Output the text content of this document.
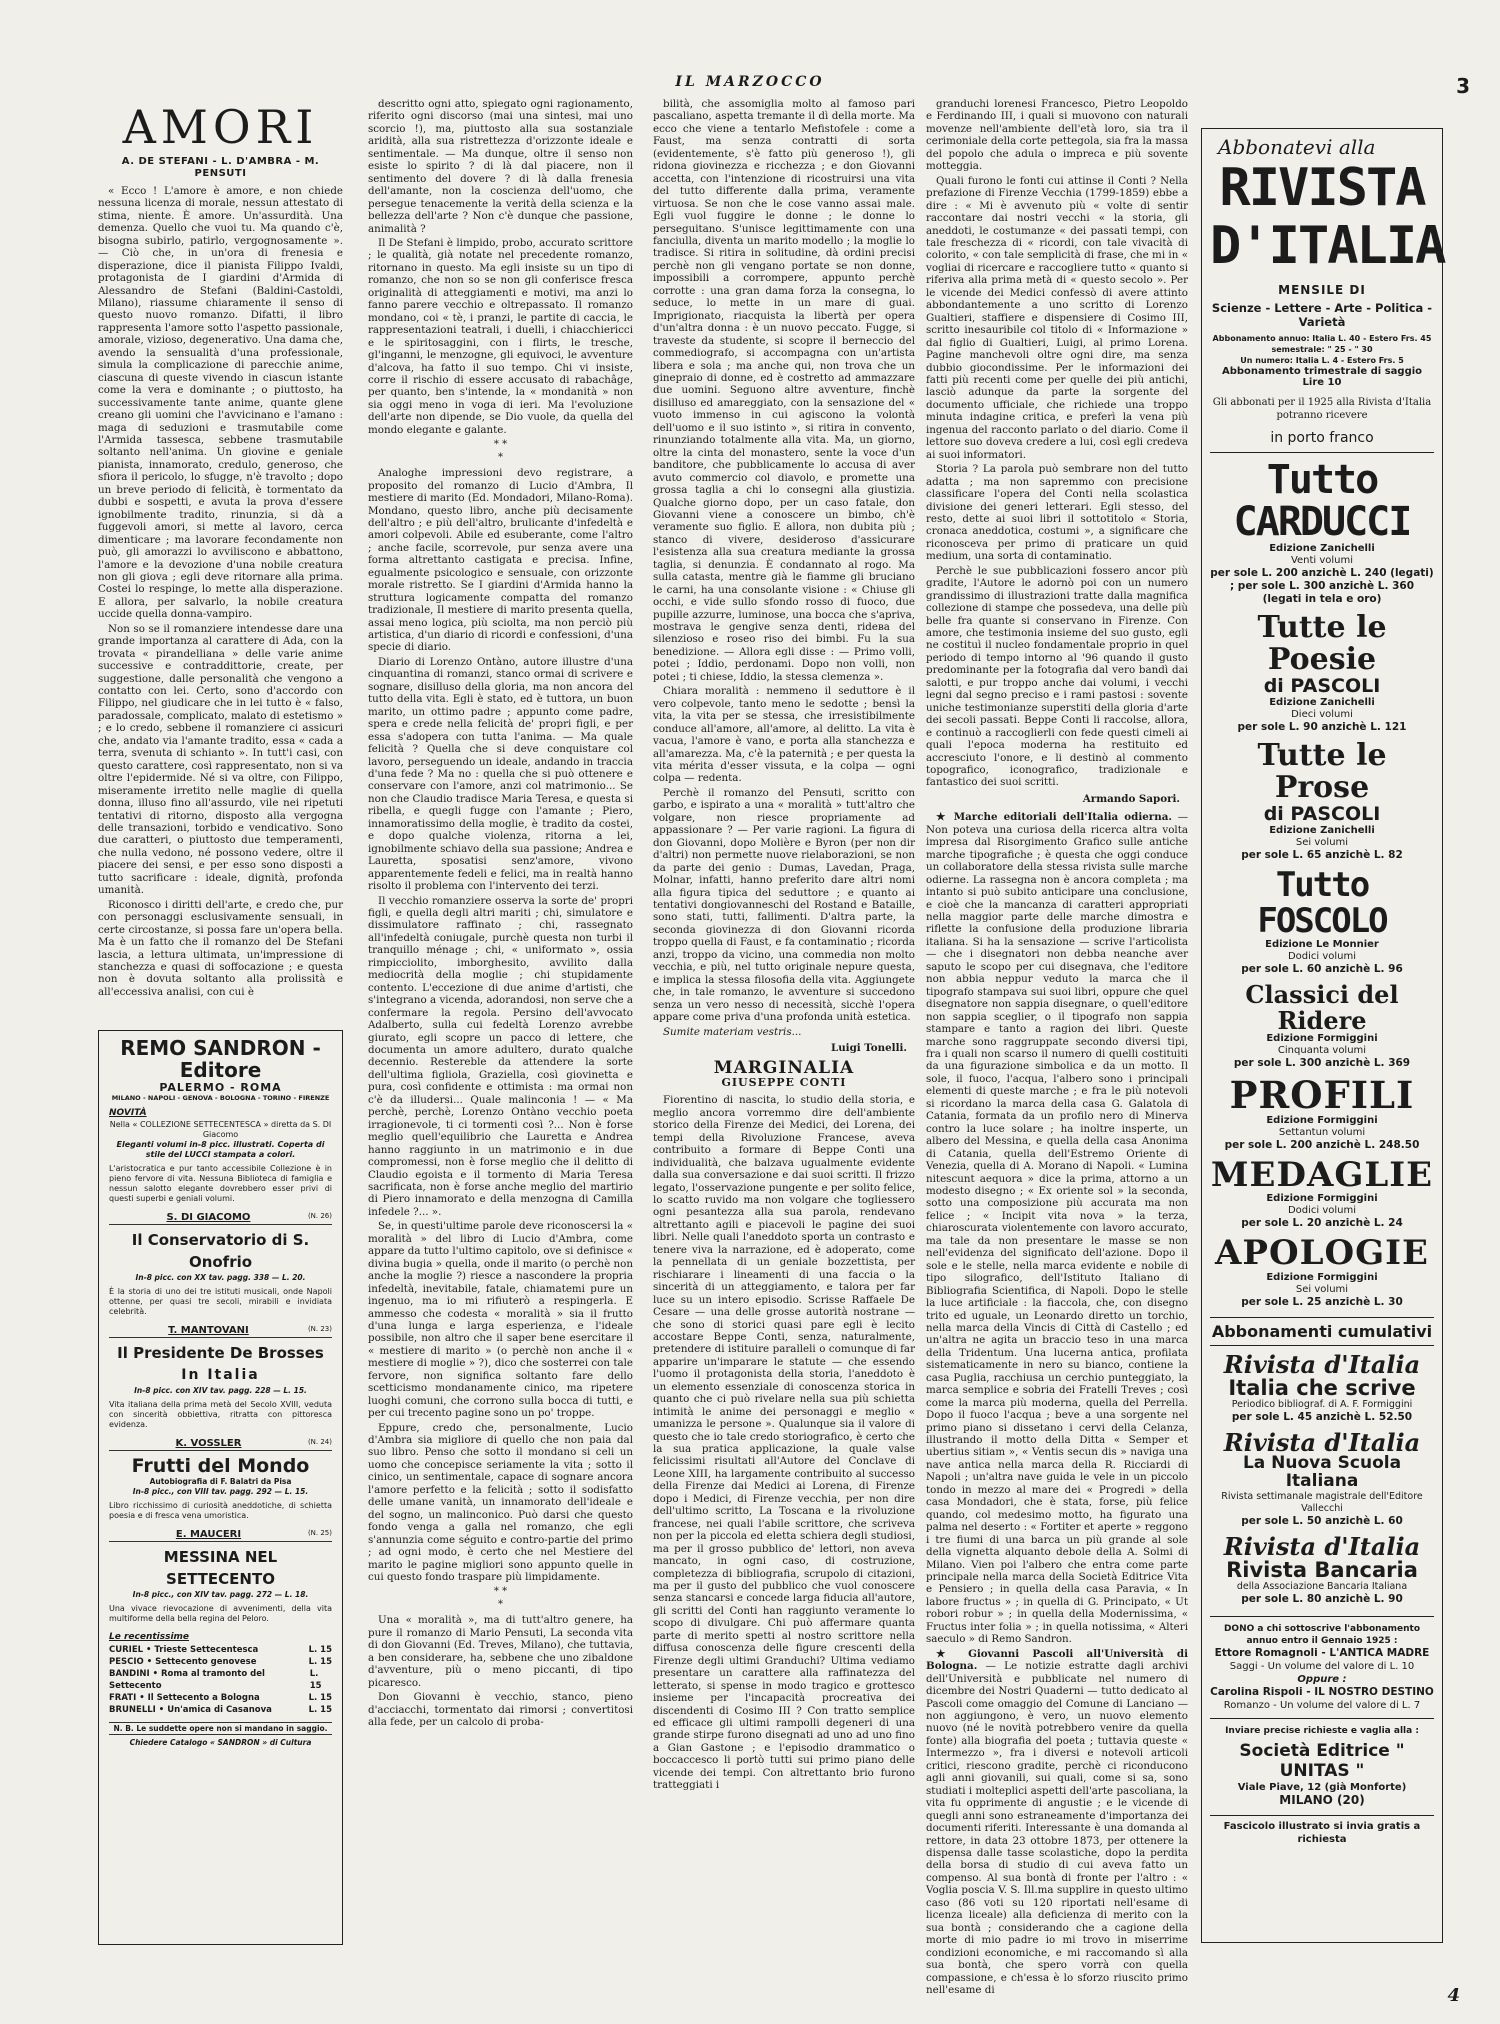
IL MARZOCCO	3
AMORI
A. DE STEFANI - L. D'AMBRA - M. PENSUTI

« Ecco ! L'amore è amore, e non chiede nessuna licenza di morale, nessun attestato di stima, niente. È amore. Un'assurdità. Una demenza. Quello che vuoi tu. Ma quando c'è, bisogna subirlo, patirlo, vergognosamente ». — Ciò che, in un'ora di frenesia e disperazione, dice il pianista Filippo Ivaldi, protagonista de I giardini d'Armida di Alessandro de Stefani (Baldini-Castoldi, Milano), riassume chiaramente il senso di questo nuovo romanzo. Difatti, il libro rappresenta l'amore sotto l'aspetto passionale, amorale, vizioso, degenerativo. Una dama che, avendo la sensualità d'una professionale, simula la complicazione di parecchie anime, ciascuna di queste vivendo in ciascun istante come la vera e dominante ; o piuttosto, ha successivamente tante anime, quante glene creano gli uomini che l'avvicinano e l'amano : maga di seduzioni e trasmutabile come l'Armida tassesca, sebbene trasmutabile soltanto nell'anima. Un giovine e geniale pianista, innamorato, credulo, generoso, che sfiora il pericolo, lo sfugge, n'è travolto ; dopo un breve periodo di felicità, è tormentato da dubbi e sospetti, e avuta la prova d'essere ignobilmente tradito, rinunzia, si dà a fuggevoli amori, si mette al lavoro, cerca dimenticare ; ma lavorare fecondamente non può, gli amorazzi lo avviliscono e abbattono, l'amore e la devozione d'una nobile creatura non gli giova ; egli deve ritornare alla prima. Costei lo respinge, lo mette alla disperazione. E allora, per salvarlo, la nobile creatura uccide quella donna-vampiro.

Non so se il romanziere intendesse dare una grande importanza al carattere di Ada, con la trovata « pirandelliana » delle varie anime successive e contraddittorie, create, per suggestione, dalle personalità che vengono a contatto con lei. Certo, sono d'accordo con Filippo, nel giudicare che in lei tutto è « falso, paradossale, complicato, malato di estetismo » ; e lo credo, sebbene il romanziere ci assicuri che, andato via l'amante tradito, essa « cada a terra, svenuta di schianto ». In tutt'i casi, con questo carattere, così rappresentato, non si va oltre l'epidermide. Né si va oltre, con Filippo, miseramente irretito nelle maglie di quella donna, illuso fino all'assurdo, vile nei ripetuti tentativi di ritorno, disposto alla vergogna delle transazioni, torbido e vendicativo. Sono due caratteri, o piuttosto due temperamenti, che nulla vedono, né possono vedere, oltre il piacere dei sensi, e per esso sono disposti a tutto sacrificare : ideale, dignità, profonda umanità.

Riconosco i diritti dell'arte, e credo che, pur con personaggi esclusivamente sensuali, in certe circostanze, si possa fare un'opera bella. Ma è un fatto che il romanzo del De Stefani lascia, a lettura ultimata, un'impressione di stanchezza e quasi di soffocazione ; e questa non è dovuta soltanto alla prolissità e all'eccessiva analisi, con cui è

REMO SANDRON - Editore
PALERMO - ROMA
MILANO - NAPOLI - GENOVA - BOLOGNA - TORINO - FIRENZE
NOVITÀ
Nella « COLLEZIONE SETTECENTESCA » diretta da S. DI Giacomo
Eleganti volumi in-8 picc. illustrati. Coperta di stile del LUCCI stampata a colori.
L'aristocratica e pur tanto accessibile Collezione è in pieno fervore di vita. Nessuna Biblioteca di famiglia e nessun salotto elegante dovrebbero esser privi di questi superbi e geniali volumi.
S. DI GIACOMO	(N. 26)
Il Conservatorio di S. Onofrio
In-8 picc. con XX tav. pagg. 338 — L. 20.
È la storia di uno dei tre istituti musicali, onde Napoli ottenne, per quasi tre secoli, mirabili e invidiata celebrità.
T. MANTOVANI	(N. 23)
Il Presidente De Brosses
In Italia
In-8 picc. con XIV tav. pagg. 228 — L. 15.
Vita italiana della prima metà del Secolo XVIII, veduta con sincerità obbiettiva, ritratta con pittoresca evidenza.
K. VOSSLER	(N. 24)
Frutti del Mondo
Autobiografia di F. Balatri da Pisa
In-8 picc., con VIII tav. pagg. 292 — L. 15.
Libro ricchissimo di curiosità aneddotiche, di schietta poesia e di fresca vena umoristica.
E. MAUCERI	(N. 25)
MESSINA NEL SETTECENTO
In-8 picc., con XIV tav. pagg. 272 — L. 18.
Una vivace rievocazione di avvenimenti, della vita multiforme della bella regina del Peloro.
Le recentissime
CURIEL • Trieste Settecentesca	L. 15
PESCIO • Settecento genovese	L. 15
BANDINI • Roma al tramonto del Settecento
L. 15
FRATI • Il Settecento a Bologna	L. 15
BRUNELLI • Un'amica di Casanova	L. 15
N. B. Le suddette opere non si mandano in saggio.
Chiedere Catalogo « SANDRON » di Cultura

descritto ogni atto, spiegato ogni ragionamento, riferito ogni discorso (mai una sintesi, mai uno scorcio !), ma, piuttosto alla sua sostanziale aridità, alla sua ristrettezza d'orizzonte ideale e sentimentale. — Ma dunque, oltre il senso non esiste lo spirito ? di là dal piacere, non il sentimento del dovere ? di là dalla frenesia dell'amante, non la coscienza dell'uomo, che persegue tenacemente la verità della scienza e la bellezza dell'arte ? Non c'è dunque che passione, animalità ?

Il De Stefani è limpido, probo, accurato scrittore ; le qualità, già notate nel precedente romanzo, ritornano in questo. Ma egli insiste su un tipo di romanzo, che non so se non gli conferisce fresca originalità di atteggiamenti e motivi, ma anzi lo fanno parere vecchio e oltrepassato. Il romanzo mondano, coi « tè, i pranzi, le partite di caccia, le rappresentazioni teatrali, i duelli, i chiacchiericci e le spiritosaggini, con i flirts, le tresche, gl'inganni, le menzogne, gli equivoci, le avventure d'alcova, ha fatto il suo tempo. Chi vi insiste, corre il rischio di essere accusato di rabachâge, per quanto, ben s'intende, la « mondanità » non sia oggi meno in voga di ieri. Ma l'evoluzione dell'arte non dipende, se Dio vuole, da quella del mondo elegante e galante.

* *
*

Analoghe impressioni devo registrare, a proposito del romanzo di Lucio d'Ambra, Il mestiere di marito (Ed. Mondadori, Milano-Roma). Mondano, questo libro, anche più decisamente dell'altro ; e più dell'altro, brulicante d'infedeltà e amori colpevoli. Abile ed esuberante, come l'altro ; anche facile, scorrevole, pur senza avere una forma altrettanto castigata e precisa. Infine, egualmente psicologico e sensuale, con orizzonte morale ristretto. Se I giardini d'Armida hanno la struttura logicamente compatta del romanzo tradizionale, Il mestiere di marito presenta quella, assai meno logica, più sciolta, ma non perciò più artistica, d'un diario di ricordi e confessioni, d'una specie di diario.

Diario di Lorenzo Ontàno, autore illustre d'una cinquantina di romanzi, stanco ormai di scrivere e sognare, disilluso della gloria, ma non ancora del tutto della vita. Egli è stato, ed è tuttora, un buon marito, un ottimo padre ; appunto come padre, spera e crede nella felicità de' propri figli, e per essa s'adopera con tutta l'anima. — Ma quale felicità ? Quella che si deve conquistare col lavoro, perseguendo un ideale, andando in traccia d'una fede ? Ma no : quella che si può ottenere e conservare con l'amore, anzi col matrimonio... Se non che Claudio tradisce Maria Teresa, e questa si ribella, e quegli fugge con l'amante ; Piero, innamoratissimo della moglie, è tradito da costei, e dopo qualche violenza, ritorna a lei, ignobilmente schiavo della sua passione; Andrea e Lauretta, sposatisi senz'amore, vivono apparentemente fedeli e felici, ma in realtà hanno risolto il problema con l'intervento dei terzi.

Il vecchio romanziere osserva la sorte de' propri figli, e quella degli altri mariti ; chi, simulatore e dissimulatore raffinato ; chi, rassegnato all'infedeltà coniugale, purchè questa non turbi il tranquillo ménage ; chi, « uniformato », ossia rimpicciolito, imborghesito, avvilito dalla mediocrità della moglie ; chi stupidamente contento. L'eccezione di due anime d'artisti, che s'integrano a vicenda, adorandosi, non serve che a confermare la regola. Persino dell'avvocato Adalberto, sulla cui fedeltà Lorenzo avrebbe giurato, egli scopre un pacco di lettere, che documenta un amore adultero, durato qualche decennio. Restereble da attendere la sorte dell'ultima figliola, Graziella, così giovinetta e pura, così confidente e ottimista : ma ormai non c'è da illudersi... Quale malinconia ! — « Ma perchè, perchè, Lorenzo Ontàno vecchio poeta irragionevole, ti ci tormenti così ?... Non è forse meglio quell'equilibrio che Lauretta e Andrea hanno raggiunto in un matrimonio e in due compromessi, non è forse meglio che il delitto di Claudio egoista e il tormento di Maria Teresa sacrificata, non è forse anche meglio del martirio di Piero innamorato e della menzogna di Camilla infedele ?... ».

Se, in questi'ultime parole deve riconoscersi la « moralità » del libro di Lucio d'Ambra, come appare da tutto l'ultimo capitolo, ove si definisce « divina bugia » quella, onde il marito (o perchè non anche la moglie ?) riesce a nascondere la propria infedeltà, inevitabile, fatale, chiamatemi pure un ingenuo, ma io mi rifiuterò a respingerla. E ammesso che codesta « moralità » sia il frutto d'una lunga e larga esperienza, e l'ideale possibile, non altro che il saper bene esercitare il « mestiere di marito » (o perchè non anche il « mestiere di moglie » ?), dico che sosterrei con tale fervore, non significa soltanto fare dello scetticismo mondanamente cinico, ma ripetere luoghi comuni, che corrono sulla bocca di tutti, e per cui trecento pagine sono un po' troppe.

Eppure, credo che, personalmente, Lucio d'Ambra sia migliore di quello che non paia dal suo libro. Penso che sotto il mondano si celi un uomo che concepisce seriamente la vita ; sotto il cinico, un sentimentale, capace di sognare ancora l'amore perfetto e la felicità ; sotto il sodisfatto delle umane vanità, un innamorato dell'ideale e del sogno, un malinconico. Può darsi che questo fondo venga a galla nel romanzo, che egli s'annunzia come séguito e contro-partie del primo ; ad ogni modo, è certo che nel Mestiere del marito le pagine migliori sono appunto quelle in cui questo fondo traspare più limpidamente.

* *
*

Una « moralità », ma di tutt'altro genere, ha pure il romanzo di Mario Pensuti, La seconda vita di don Giovanni (Ed. Treves, Milano), che tuttavia, a ben considerare, ha, sebbene che uno zibaldone d'avventure, più o meno piccanti, di tipo picaresco.

Don Giovanni è vecchio, stanco, pieno d'acciacchi, tormentato dai rimorsi ; convertitosi alla fede, per un calcolo di proba-

bilità, che assomiglia molto al famoso pari pascaliano, aspetta tremante il dì della morte. Ma ecco che viene a tentarlo Mefistofele : come a Faust, ma senza contratti di sorta (evidentemente, s'è fatto più generoso !), gli ridona giovinezza e ricchezza ; e don Giovanni accetta, con l'intenzione di ricostruirsi una vita del tutto differente dalla prima, veramente virtuosa. Se non che le cose vanno assai male. Egli vuol fuggire le donne ; le donne lo perseguitano. S'unisce legittimamente con una fanciulla, diventa un marito modello ; la moglie lo tradisce. Si ritira in solitudine, dà ordini precisi perchè non gli vengano portate se non donne, impossibili a corrompere, appunto perchè corrotte : una gran dama forza la consegna, lo seduce, lo mette in un mare di guai. Imprigionato, riacquista la libertà per opera d'un'altra donna : è un nuovo peccato. Fugge, si traveste da studente, si scopre il berneccio del commediografo, si accompagna con un'artista libera e sola ; ma anche qui, non trova che un ginepraio di donne, ed è costretto ad ammazzare due uomini. Seguono altre avventure, finchè disilluso ed amareggiato, con la sensazione del « vuoto immenso in cui agiscono la volontà dell'uomo e il suo istinto », si ritira in convento, rinunziando totalmente alla vita. Ma, un giorno, oltre la cinta del monastero, sente la voce d'un banditore, che pubblicamente lo accusa di aver avuto commercio col diavolo, e promette una grossa taglia a chi lo consegni alla giustizia. Qualche giorno dopo, per un caso fatale, don Giovanni viene a conoscere un bimbo, ch'è veramente suo figlio. E allora, non dubita più ; stanco di vivere, desideroso d'assicurare l'esistenza alla sua creatura mediante la grossa taglia, si denunzia. È condannato al rogo. Ma sulla catasta, mentre già le fiamme gli bruciano le carni, ha una consolante visione : « Chiuse gli occhi, e vide sullo sfondo rosso di fuoco, due pupille azzurre, luminose, una bocca che s'apriva, mostrava le gengive senza denti, ridева del silenzioso e roseo riso dei bimbi. Fu la sua benedizione. — Allora egli disse : — Primo volli, potei ; Iddio, perdonami. Dopo non volli, non potei ; ti chiese, Iddio, la stessa clemenza ».

Chiara moralità : nemmeno il seduttore è il vero colpevole, tanto meno le sedotte ; bensì la vita, la vita per se stessa, che irresistibilmente conduce all'amore, all'amore, al delitto. La vita è vacua, l'amore è vano, e porta alla stanchezza e all'amarezza. Ma, c'è la paternità ; e per questa la vita mérita d'esser vissuta, e la colpa — ogni colpa — redenta.

Perchè il romanzo del Pensuti, scritto con garbo, e ispirato a una « moralità » tutt'altro che volgare, non riesce propriamente ad appassionare ? — Per varie ragioni. La figura di don Giovanni, dopo Molière e Byron (per non dir d'altri) non permette nuove rielaborazioni, se non da parte dei genio : Dumas, Lavedan, Praga, Molnar, infatti, hanno preferito dare altri nomi alla figura tipica del seduttore ; e quanto ai tentativi dongiovanneschi del Rostand e Bataille, sono stati, tutti, fallimenti. D'altra parte, la seconda giovinezza di don Giovanni ricorda troppo quella di Faust, e fa contaminatio ; ricorda anzi, troppo da vicino, una commedia non molto vecchia, e più, nel tutto originale nepure questa, e implica la stessa filosofia della vita. Aggiungete che, in tale romanzo, le avventure si succedono senza un vero nesso di necessità, sicchè l'opera appare come priva d'una profonda unità estetica.

Sumite materiam vestris...

Luigi Tonelli.
MARGINALIA
GIUSEPPE CONTI

Fiorentino di nascita, lo studio della storia, e meglio ancora vorremmo dire dell'ambiente storico della Firenze dei Medici, dei Lorena, dei tempi della Rivoluzione Francese, aveva contribuito a formare di Beppe Conti una individualità, che balzava ugualmente evidente dalla sua conversazione e dai suoi scritti. Il frizzo legato, l'osservazione pungente e per solito felice, lo scatto ruvido ma non volgare che togliessero ogni pesantezza alla sua parola, rendevano altrettanto agili e piacevoli le pagine dei suoi libri. Nelle quali l'aneddoto sporta un contrasto e tenere viva la narrazione, ed è adoperato, come la pennellata di un geniale bozzettista, per rischiarare i lineamenti di una faccia o la sincerità di un atteggiamento, e talora per far luce su un intero episodio. Scrisse Raffaele De Cesare — una delle grosse autorità nostrane — che sono di storici quasi pare egli è lecito accostare Beppe Conti, senza, naturalmente, pretendere di istituire paralleli o comunque di far apparire un'imparare le statute — che essendo l'uomo il protagonista della storia, l'aneddoto è un elemento essenziale di conoscenza storica in quanto che ci può rivelare nella sua più schietta intimità le anime dei personaggi e meglio « umanizza le persone ». Qualunque sia il valore di questo che io tale credo storiografico, è certo che la sua pratica applicazione, la quale valse felicissimi risultati all'Autore del Conclave di Leone XIII, ha largamente contribuito al successo della Firenze dai Medici ai Lorena, di Firenze dopo i Medici, di Firenze vecchia, per non dire dell'ultimo scritto, La Toscana e la rivoluzione francese, nei quali l'abile scrittore, che scriveva non per la piccola ed eletta schiera degli studiosi, ma per il grosso pubblico de' lettori, non aveva mancato, in ogni caso, di costruzione, completezza di bibliografia, scrupolo di citazioni, ma per il gusto del pubblico che vuol conoscere senza stancarsi e concede larga fiducia all'autore, gli scritti del Conti han raggiunto veramente lo scopo di divulgare. Chi può affermare quanta parte di merito spetti al nostro scrittore nella diffusa conoscenza delle figure crescenti della Firenze degli ultimi Granduchi? Ultima vediamo presentare un carattere alla raffinatezza del letterato, si spense in modo tragico e grottesco insieme per l'incapacità procreativa dei discendenti di Cosimo III ? Con tratto semplice ed efficace gli ultimi rampolli degeneri di una grande stirpe furono disegnati ad uno ad uno fino a Gian Gastone ; e l'episodio drammatico o boccaccesco li portò tutti sui primo piano delle vicende dei tempi. Con altrettanto brio furono tratteggiati i

granduchi lorenesi Francesco, Pietro Leopoldo e Ferdinando III, i quali si muovono con naturali movenze nell'ambiente dell'età loro, sia tra il cerimoniale della corte pettegola, sia fra la massa del popolo che adula o impreca e più sovente motteggia.

Quali furono le fonti cui attinse il Conti ? Nella prefazione di Firenze Vecchia (1799-1859) ebbe a dire : « Mi è avvenuto più « volte di sentir raccontare dai nostri vecchi « la storia, gli aneddoti, le costumanze « dei passati tempi, con tale freschezza di « ricordi, con tale vivacità di colorito, « con tale semplicità di frase, che mi in « vogliai di ricercare e raccogliere tutto « quanto si riferiva alla prima metà di « questo secolo ». Per le vicende dei Medici confessò di avere attinto abbondantemente a uno scritto di Lorenzo Gualtieri, staffiere e dispensiere di Cosimo III, scritto inesauribile col titolo di « Informazione » dal figlio di Gualtieri, Luigi, al primo Lorena. Pagine manchevoli oltre ogni dire, ma senza dubbio giocondissime. Per le informazioni dei fatti più recenti come per quelle dei più antichi, lasciò adunque da parte la sorgente del documento ufficiale, che richiede una troppo minuta indagine critica, e preferì la vena più ingenua del racconto parlato o del diario. Come il lettore suo doveva credere a lui, così egli credeva ai suoi informatori.

Storia ? La parola può sembrare non del tutto adatta ; ma non sapremmo con precisione classificare l'opera del Conti nella scolastica divisione dei generi letterari. Egli stesso, del resto, dette ai suoi libri il sottotitolo « Storia, cronaca aneddotica, costumi », a significare che riconosceva per primo di praticare un quid medium, una sorta di contaminatio.

Perchè le sue pubblicazioni fossero ancor più gradite, l'Autore le adornò poi con un numero grandissimo di illustrazioni tratte dalla magnifica collezione di stampe che possedeva, una delle più belle fra quante si conservano in Firenze. Con amore, che testimonia insieme del suo gusto, egli ne costituì il nucleo fondamentale proprio in quel periodo di tempo intorno al '96 quando il gusto predominante per la fotografia dal vero bandì dai salotti, e pur troppo anche dai volumi, i vecchi legni dal segno preciso e i rami pastosi : sovente uniche testimonianze superstiti della gloria d'arte dei secoli passati. Beppe Conti li raccolse, allora, e continuò a raccoglierli con fede questi cimeli ai quali l'epoca moderna ha restituito ed accresciuto l'onore, e li destinò al commento topografico, iconografico, tradizionale e fantastico dei suoi scritti.

Armando Sapori.

★ Marche editoriali dell'Italia odierna. — Non poteva una curiosa della ricerca altra volta impresa dal Risorgimento Grafico sulle antiche marche tipografiche ; è questa che oggi conduce un collaboratore della stessa rivista sulle marche odierne. La rassegna non è ancora completa ; ma intanto si può subito anticipare una conclusione, e cioè che la mancanza di caratteri appropriati nella maggior parte delle marche dimostra e riflette la confusione della produzione libraria italiana. Si ha la sensazione — scrive l'articolista — che i disegnatori non debba neanche aver saputo le scopo per cui disegnava, che l'editore non abbia neppur veduto la marca che il tipografo stampava sui suoi libri, oppure che quel disegnatore non sappia disegnare, o quell'editore non sappia sceglier, o il tipografo non sappia stampare e tanto a ragion dei libri. Queste marche sono raggruppate secondo diversi tipi, fra i quali non scarso il numero di quelli costituiti da una figurazione simbolica e da un motto. Il sole, il fuoco, l'acqua, l'albero sono i principali elementi di queste marche ; e fra le più notevoli si ricordano la marca della casa G. Galatola di Catania, formata da un profilo nero di Minerva contro la luce solare ; ha inoltre insperte, un albero del Messina, e quella della casa Anonima di Catania, quella dell'Estremo Oriente di Venezia, quella di A. Morano di Napoli. « Lumina nitescunt aequora » dice la prima, attorno a un modesto disegno ; « Ex oriente sol » la seconda, sotto una composizione più accurata ma non felice ; « Incipit vita nova » la terza, chiaroscurata violentemente con lavoro accurato, ma tale da non presentare le masse se non nell'evidenza del significato dell'azione. Dopo il sole e le stelle, nella marca evidente e nobile di tipo silografico, dell'Istituto Italiano di Bibliografia Scientifica, di Napoli. Dopo le stelle la luce artificiale : la fiaccola, che, con disegno trito ed uguale, un Leonardo diretto un torchio, nella marca della Vincis di Città di Castello ; ed un'altra ne agita un braccio teso in una marca della Tridentum. Una lucerna antica, profilata sistematicamente in nero su bianco, contiene la casa Puglia, racchiusa un cerchio punteggiato, la marca semplice e sobria dei Fratelli Treves ; così come la marca più moderna, quella del Perrella. Dopo il fuoco l'acqua ; beve a una sorgente nel primo piano si dissetano i cervi della Celanza, illustrando il motto della Ditta « Semper et ubertius sitiam », « Ventis secun dis » naviga una nave antica nella marca della R. Ricciardi di Napoli ; un'altra nave guida le vele in un piccolo tondo in mezzo al mare dei « Progredi » della casa Mondadori, che è stata, forse, più felice quando, col medesimo motto, ha figurato una palma nel deserto : « Fortiter et aperte » reggono i tre fiumi di una barca un più grande al sole della vignetta alquanto debole della A. Solmi di Milano. Vien poi l'albero che entra come parte principale nella marca della Società Editrice Vita e Pensiero ; in quella della casa Paravia, « In labore fructus » ; in quella di G. Principato, « Ut robori robur » ; in quella della Modernissima, « Fructus inter folia » ; in quella notissima, « Alteri saeculo » di Remo Sandron.

★ Giovanni Pascoli all'Università di Bologna. — Le notizie estratte dagli archivi dell'Università e pubblicate nel numero di dicembre dei Nostri Quaderni — tutto dedicato al Pascoli come omaggio del Comune di Lanciano — non aggiungono, è vero, un nuovo elemento nuovo (né le novità potrebbero venire da quella fonte) alla biografia del poeta ; tuttavia queste « Intermezzo », fra i diversi e notevoli articoli critici, riescono gradite, perchè ci riconducono agli anni giovanili, sui quali, come si sa, sono studiati i molteplici aspetti dell'arte pascoliana, la vita fu opprimente di angustie ; e le vicende di quegli anni sono estraneamente d'importanza dei documenti riferiti. Interessante è una domanda al rettore, in data 23 ottobre 1873, per ottenere la dispensa dalle tasse scolastiche, dopo la perdita della borsa di studio di cui aveva fatto un compenso. Al sua bontà di fronte per l'altro : « Voglia poscia V. S. Ill.ma supplire in questo ultimo caso (86 voti su 120 riportati nell'esame di licenza liceale) alla deficienza di merito con la sua bontà ; considerando che a cagione della morte di mio padre io mi trovo in miserrime condizioni economiche, e mi raccomando sì alla sua bontà, che spero vorrà con quella compassione, e ch'essa è lo sforzo riuscito primo nell'esame di

Abbonatevi alla
RIVISTA
D'ITALIA
MENSILE DI
Scienze - Lettere - Arte - Politica - Varietà
Abbonamento annuo: Italia L. 40 - Estero Frs. 45
semestrale: " 25 - " 30
Un numero: Italia L. 4 - Estero Frs. 5
Abbonamento trimestrale di saggio Lire 10
Gli abbonati per il 1925 alla Rivista d'Italia potranno ricevere
in porto franco
Tutto CARDUCCI
Edizione Zanichelli
Venti volumi
per sole L. 200 anzichè L. 240 (legati) ; per sole L. 300 anzichè L. 360 (legati in tela e oro)
Tutte le Poesie
di PASCOLI
Edizione Zanichelli
Dieci volumi
per sole L. 90 anzichè L. 121
Tutte le Prose
di PASCOLI
Edizione Zanichelli
Sei volumi
per sole L. 65 anzichè L. 82
Tutto FOSCOLO
Edizione Le Monnier
Dodici volumi
per sole L. 60 anzichè L. 96
Classici del Ridere
Edizione Formiggini
Cinquanta volumi
per sole L. 300 anzichè L. 369
PROFILI
Edizione Formiggini
Settantun volumi
per sole L. 200 anzichè L. 248.50
MEDAGLIE
Edizione Formiggini
Dodici volumi
per sole L. 20 anzichè L. 24
APOLOGIE
Edizione Formiggini
Sei volumi
per sole L. 25 anzichè L. 30
Abbonamenti cumulativi
Rivista d'Italia
Italia che scrive
Periodico bibliograf. di A. F. Formiggini
per sole L. 45 anzichè L. 52.50
Rivista d'Italia
La Nuova Scuola Italiana
Rivista settimanale magistrale dell'Editore Vallecchi
per sole L. 50 anzichè L. 60
Rivista d'Italia
Rivista Bancaria
della Associazione Bancaria Italiana
per sole L. 80 anzichè L. 90
DONO a chi sottoscrive l'abbonamento annuo entro il Gennaio 1925 :
Ettore Romagnoli - L'ANTICA MADRE
Saggi - Un volume del valore di L. 10
Oppure :
Carolina Rispoli - IL NOSTRO DESTINO
Romanzo - Un volume del valore di L. 7
Inviare precise richieste e vaglia alla :
Società Editrice " UNITAS "
Viale Piave, 12 (già Monforte)
MILANO (20)
Fascicolo illustrato si invia gratis a richiesta
4
